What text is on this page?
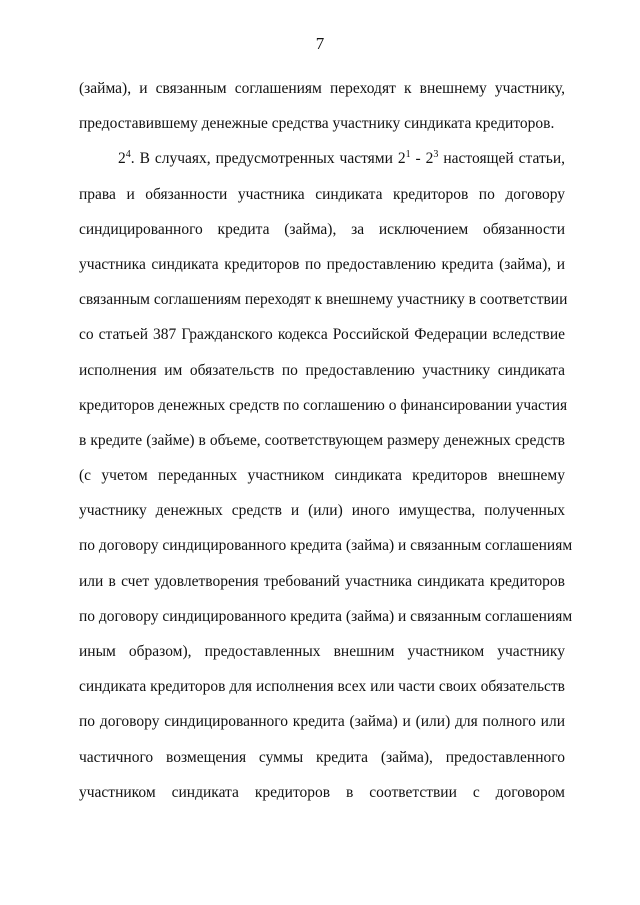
7
(займа), и связанным соглашениям переходят к внешнему участнику,
предоставившему денежные средства участнику синдиката кредиторов.
$2^4$. В случаях, предусмотренных частями $2^1 - 2^3$ настоящей статьи,
права и обязанности участника синдиката кредиторов по договору
синдицированного кредита (займа), за исключением обязанности
участника синдиката кредиторов по предоставлению кредита (займа), и
связанным соглашениям переходят к внешнему участнику в соответствии
со статьей 387 Гражданского кодекса Российской Федерации вследствие
исполнения им обязательств по предоставлению участнику синдиката
кредиторов денежных средств по соглашению о финансировании участия
в кредите (займе) в объеме, соответствующем размеру денежных средств
(с учетом переданных участником синдиката кредиторов внешнему
участнику денежных средств и (или) иного имущества, полученных
по договору синдицированного кредита (займа) и связанным соглашениям
или в счет удовлетворения требований участника синдиката кредиторов
по договору синдицированного кредита (займа) и связанным соглашениям
иным образом), предоставленных внешним участником участнику
синдиката кредиторов для исполнения всех или части своих обязательств
по договору синдицированного кредита (займа) и (или) для полного или
частичного возмещения суммы кредита (займа), предоставленного
участником синдиката кредиторов в соответствии с договором
